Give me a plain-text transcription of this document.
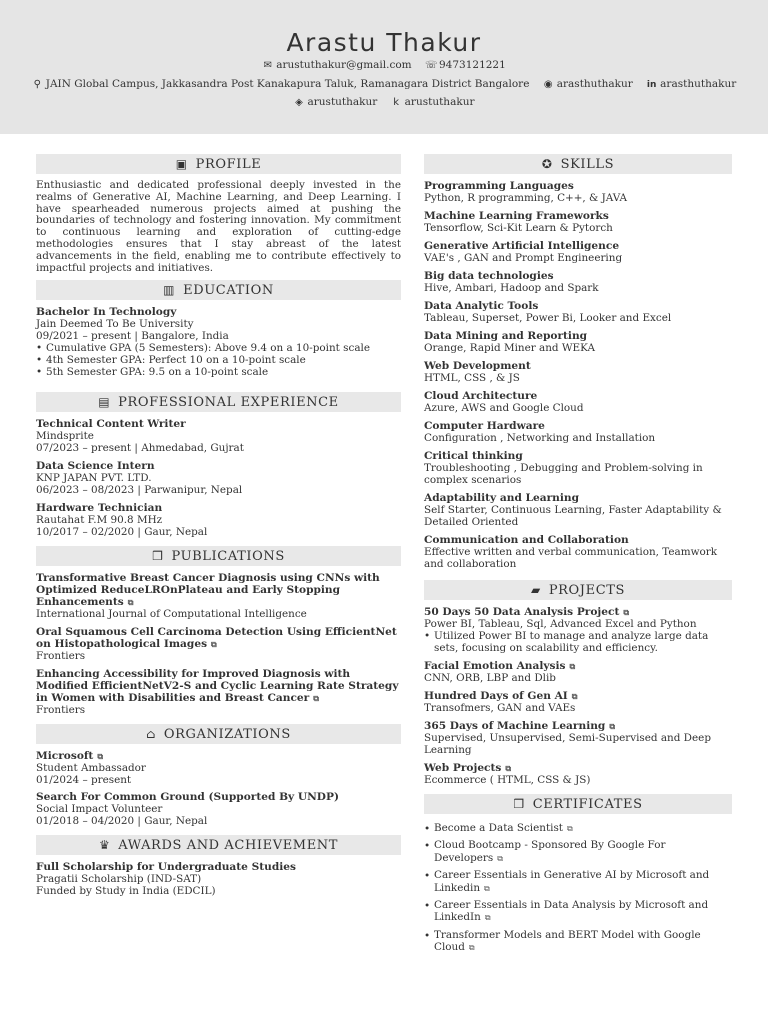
Arastu Thakur
✉ arustuthakur@gmail.com ☏9473121221
⚲ JAIN Global Campus, Jakkasandra Post Kanakapura Taluk, Ramanagara District Bangalore ◉ arasthuthakur in arasthuthakur
◈ arustuthakur k arustuthakur
▣ PROFILE
Enthusiastic and dedicated professional deeply invested in the realms of Generative AI, Machine Learning, and Deep Learning. I have spearheaded numerous projects aimed at pushing the boundaries of technology and fostering innovation. My commitment to continuous learning and exploration of cutting-edge methodologies ensures that I stay abreast of the latest advancements in the field, enabling me to contribute effectively to impactful projects and initiatives.
▥ EDUCATION
Bachelor In Technology
Jain Deemed To Be University
09/2021 – present | Bangalore, India
• Cumulative GPA (5 Semesters): Above 9.4 on a 10-point scale
• 4th Semester GPA: Perfect 10 on a 10-point scale
• 5th Semester GPA: 9.5 on a 10-point scale
▤ PROFESSIONAL EXPERIENCE
Technical Content Writer
Mindsprite
07/2023 – present | Ahmedabad, Gujrat
Data Science Intern
KNP JAPAN PVT. LTD.
06/2023 – 08/2023 | Parwanipur, Nepal
Hardware Technician
Rautahat F.M 90.8 MHz
10/2017 – 02/2020 | Gaur, Nepal
❒ PUBLICATIONS
Transformative Breast Cancer Diagnosis using CNNs with Optimized ReduceLROnPlateau and Early Stopping Enhancements ⧉
International Journal of Computational Intelligence
Oral Squamous Cell Carcinoma Detection Using EfficientNet on Histopathological Images ⧉
Frontiers
Enhancing Accessibility for Improved Diagnosis with Modified EfficientNetV2-S and Cyclic Learning Rate Strategy in Women with Disabilities and Breast Cancer ⧉
Frontiers
⌂ ORGANIZATIONS
Microsoft ⧉
Student Ambassador
01/2024 – present
Search For Common Ground (Supported By UNDP)
Social Impact Volunteer
01/2018 – 04/2020 | Gaur, Nepal
♛ AWARDS AND ACHIEVEMENT
Full Scholarship for Undergraduate Studies
Pragatii Scholarship (IND-SAT)
Funded by Study in India (EDCIL)
✪ SKILLS
Programming Languages
Python, R programming, C++, & JAVA
Machine Learning Frameworks
Tensorflow, Sci-Kit Learn & Pytorch
Generative Artificial Intelligence
VAE's , GAN and Prompt Engineering
Big data technologies
Hive, Ambari, Hadoop and Spark
Data Analytic Tools
Tableau, Superset, Power Bi, Looker and Excel
Data Mining and Reporting
Orange, Rapid Miner and WEKA
Web Development
HTML, CSS , & JS
Cloud Architecture
Azure, AWS and Google Cloud
Computer Hardware
Configuration , Networking and Installation
Critical thinking
Troubleshooting , Debugging and Problem-solving in complex scenarios
Adaptability and Learning
Self Starter, Continuous Learning, Faster Adaptability & Detailed Oriented
Communication and Collaboration
Effective written and verbal communication, Teamwork and collaboration
▰ PROJECTS
50 Days 50 Data Analysis Project ⧉
Power BI, Tableau, Sql, Advanced Excel and Python
• Utilized Power BI to manage and analyze large data sets, focusing on scalability and efficiency.
Facial Emotion Analysis ⧉
CNN, ORB, LBP and Dlib
Hundred Days of Gen AI ⧉
Transofmers, GAN and VAEs
365 Days of Machine Learning ⧉
Supervised, Unsupervised, Semi-Supervised and Deep Learning
Web Projects ⧉
Ecommerce ( HTML, CSS & JS)
❒ CERTIFICATES
• Become a Data Scientist ⧉
• Cloud Bootcamp - Sponsored By Google For Developers ⧉
• Career Essentials in Generative AI by Microsoft and Linkedin ⧉
• Career Essentials in Data Analysis by Microsoft and LinkedIn ⧉
• Transformer Models and BERT Model with Google Cloud ⧉
